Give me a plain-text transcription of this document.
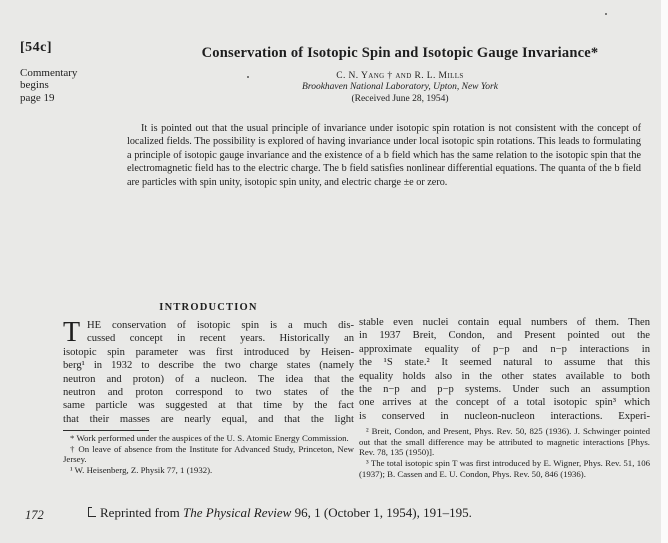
[54c]
Commentary
begins
page 19
Conservation of Isotopic Spin and Isotopic Gauge Invariance*
C. N. Yang † and R. L. Mills
Brookhaven National Laboratory, Upton, New York
(Received June 28, 1954)
It is pointed out that the usual principle of invariance under isotopic spin rotation is not consistent with the concept of localized fields. The possibility is explored of having invariance under local isotopic spin rotations. This leads to formulating a principle of isotopic gauge invariance and the existence of a b field which has the same relation to the isotopic spin that the electromagnetic field has to the electric charge. The b field satisfies nonlinear differential equations. The quanta of the b field are particles with spin unity, isotopic spin unity, and electric charge ±e or zero.
INTRODUCTION
T HE conservation of isotopic spin is a much dis-
cussed concept in recent years. Historically an
isotopic spin parameter was first introduced by Heisen-
berg¹ in 1932 to describe the two charge states (namely
neutron and proton) of a nucleon. The idea that the
neutron and proton correspond to two states of the
same particle was suggested at that time by the fact
that their masses are nearly equal, and that the light
* Work performed under the auspices of the U. S. Atomic Energy Commission.
† On leave of absence from the Institute for Advanced Study, Princeton, New Jersey.
¹ W. Heisenberg, Z. Physik 77, 1 (1932).
stable even nuclei contain equal numbers of them. Then
in 1937 Breit, Condon, and Present pointed out the
approximate equality of p−p and n−p interactions in
the ¹S state.² It seemed natural to assume that this
equality holds also in the other states available to both
the n−p and p−p systems. Under such an assumption
one arrives at the concept of a total isotopic spin³ which
is conserved in nucleon-nucleon interactions. Experi-
² Breit, Condon, and Present, Phys. Rev. 50, 825 (1936). J. Schwinger pointed out that the small difference may be attributed to magnetic interactions [Phys. Rev. 78, 135 (1950)].
³ The total isotopic spin T was first introduced by E. Wigner, Phys. Rev. 51, 106 (1937); B. Cassen and E. U. Condon, Phys. Rev. 50, 846 (1936).
172	Reprinted from The Physical Review 96, 1 (October 1, 1954), 191–195.
